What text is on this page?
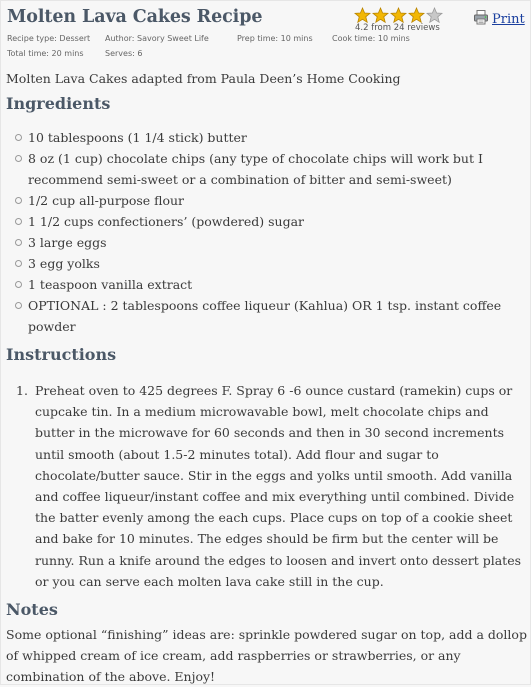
Molten Lava Cakes Recipe
Recipe type: Dessert Author: Savory Sweet Life	Prep time: 10 mins Cook time: 10 mins
Total time: 20 mins	Serves: 6
4.2 from 24 reviews
Print
Molten Lava Cakes adapted from Paula Deen’s Home Cooking
Ingredients
10 tablespoons (1 1/4 stick) butter
8 oz (1 cup) chocolate chips (any type of chocolate chips will work but I recommend semi-sweet or a combination of bitter and semi-sweet)
1/2 cup all-purpose flour
1 1/2 cups confectioners’ (powdered) sugar
3 large eggs
3 egg yolks
1 teaspoon vanilla extract
OPTIONAL : 2 tablespoons coffee liqueur (Kahlua) OR 1 tsp. instant coffee powder
Instructions
1. Preheat oven to 425 degrees F. Spray 6 -6 ounce custard (ramekin) cups or cupcake tin. In a medium microwavable bowl, melt chocolate chips and butter in the microwave for 60 seconds and then in 30 second increments until smooth (about 1.5-2 minutes total). Add flour and sugar to chocolate/butter sauce. Stir in the eggs and yolks until smooth. Add vanilla and coffee liqueur/instant coffee and mix everything until combined. Divide the batter evenly among the each cups. Place cups on top of a cookie sheet and bake for 10 minutes. The edges should be firm but the center will be runny. Run a knife around the edges to loosen and invert onto dessert plates or you can serve each molten lava cake still in the cup.
Notes
Some optional “finishing” ideas are: sprinkle powdered sugar on top, add a dollop of whipped cream of ice cream, add raspberries or strawberries, or any combination of the above. Enjoy!
